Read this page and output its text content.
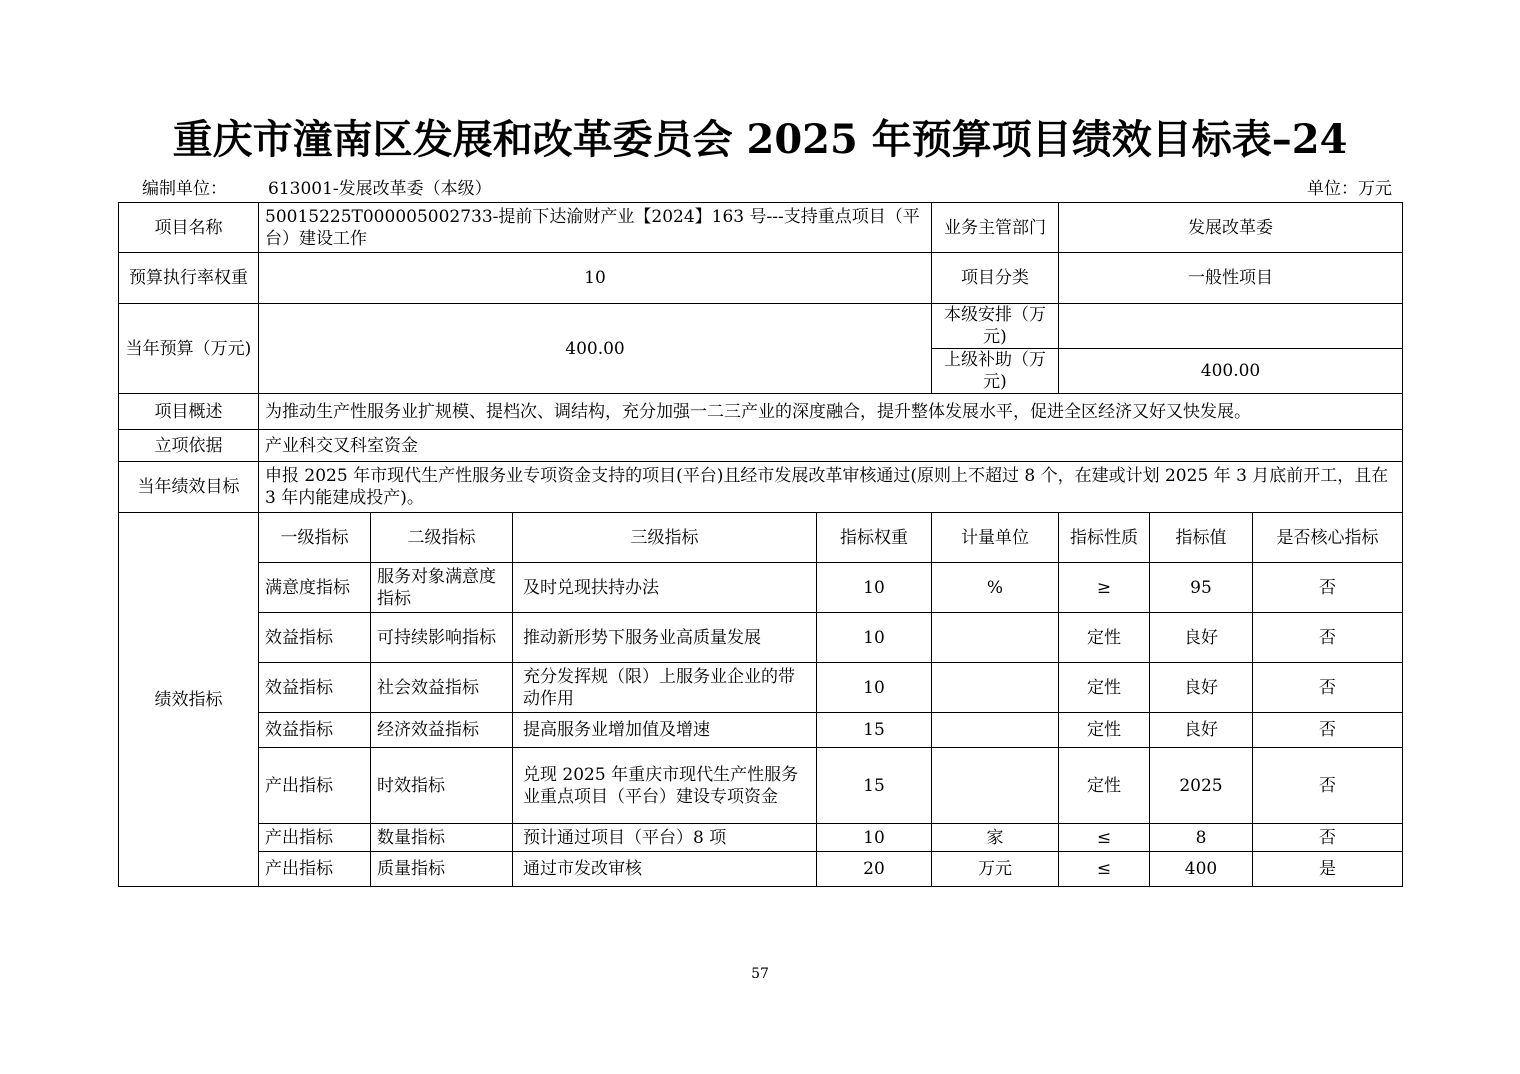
重庆市潼南区发展和改革委员会 2025 年预算项目绩效目标表–24
编制单位： 613001-发展改革委（本级）	单位：万元
项目名称	50015225T000005002733-提前下达渝财产业【2024】163 号---支持重点项目（平台）建设工作				业务主管部门	发展改革委		
预算执行率权重	10				项目分类	一般性项目		
当年预算（万元)	400.00				本级安排（万元)			
					上级补助（万元)	400.00		
项目概述	为推动生产性服务业扩规模、提档次、调结构，充分加强一二三产业的深度融合，提升整体发展水平，促进全区经济又好又快发展。							
立项依据	产业科交叉科室资金							
当年绩效目标	申报 2025 年市现代生产性服务业专项资金支持的项目(平台)且经市发展改革审核通过(原则上不超过 8 个，在建或计划 2025 年 3 月底前开工，且在 3 年内能建成投产)。							
绩效指标	一级指标	二级指标	三级指标	指标权重	计量单位	指标性质	指标值	是否核心指标
	满意度指标	服务对象满意度指标	及时兑现扶持办法	10	%	≥	95	否
	效益指标	可持续影响指标	推动新形势下服务业高质量发展	10		定性	良好	否
	效益指标	社会效益指标	充分发挥规（限）上服务业企业的带动作用	10		定性	良好	否
	效益指标	经济效益指标	提高服务业增加值及增速	15		定性	良好	否
	产出指标	时效指标	兑现 2025 年重庆市现代生产性服务业重点项目（平台）建设专项资金	15		定性	2025	否
	产出指标	数量指标	预计通过项目（平台）8 项	10	家	≤	8	否
	产出指标	质量指标	通过市发改审核	20	万元	≤	400	是
57
